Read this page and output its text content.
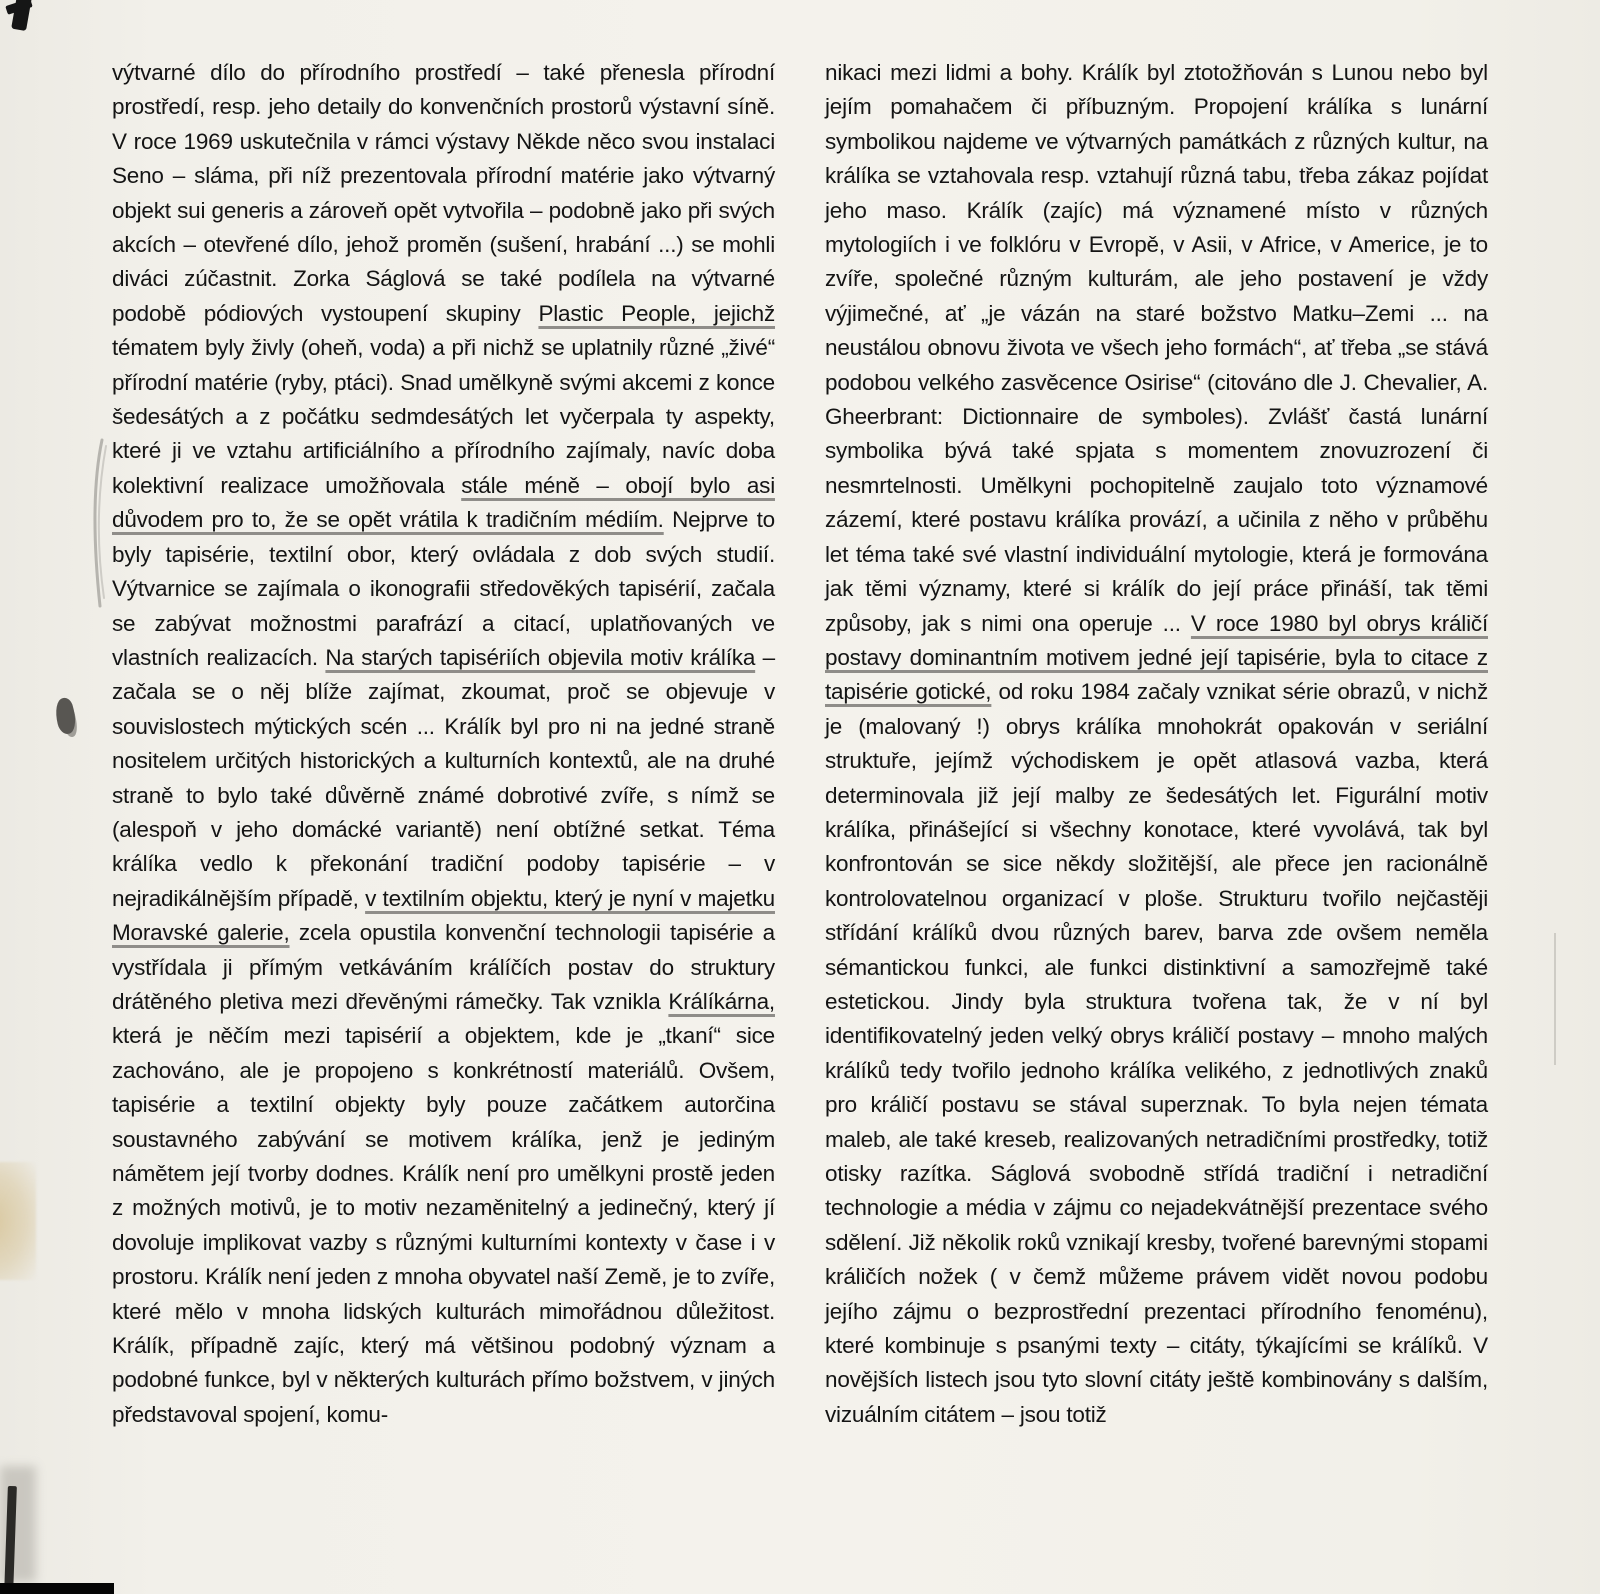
výtvarné dílo do přírodního prostředí – také přenesla přírodní prostředí, resp. jeho detaily do konvenčních prostorů výstavní síně. V roce 1969 uskutečnila v rámci výstavy Někde něco svou instalaci Seno – sláma, při níž prezentovala přírodní matérie jako výtvarný objekt sui generis a zároveň opět vytvořila – podobně jako při svých akcích – otevřené dílo, jehož proměn (sušení, hrabání ...) se mohli diváci zúčastnit. Zorka Ságlová se také podílela na výtvarné podobě pódiových vystoupení skupiny Plastic People, jejichž tématem byly živly (oheň, voda) a při nichž se uplatnily různé „živé“ přírodní matérie (ryby, ptáci). Snad umělkyně svými akcemi z konce šedesátých a z počátku sedmdesátých let vyčerpala ty aspekty, které ji ve vztahu artificiálního a přírodního zajímaly, navíc doba kolektivní realizace umožňovala stále méně – obojí bylo asi důvodem pro to, že se opět vrátila k tradičním médiím. Nejprve to byly tapisérie, textilní obor, který ovládala z dob svých studií. Výtvarnice se zajímala o ikonografii středověkých tapisérií, začala se zabývat možnostmi parafrází a citací, uplatňovaných ve vlastních realizacích. Na starých tapisériích objevila motiv králíka – začala se o něj blíže zajímat, zkoumat, proč se objevuje v souvislostech mýtických scén ... Králík byl pro ni na jedné straně nositelem určitých historických a kulturních kontextů, ale na druhé straně to bylo také důvěrně známé dobrotivé zvíře, s nímž se (alespoň v jeho domácké variantě) není obtížné setkat. Téma králíka vedlo k překonání tradiční podoby tapisérie – v nejradikálnějším případě, v textilním objektu, který je nyní v majetku Moravské galerie, zcela opustila konvenční technologii tapisérie a vystřídala ji přímým vetkáváním králíčích postav do struktury drátěného pletiva mezi dřevěnými rámečky. Tak vznikla Králíkárna, která je něčím mezi tapisérií a objektem, kde je „tkaní“ sice zachováno, ale je propojeno s konkrétností materiálů. Ovšem, tapisérie a textilní objekty byly pouze začátkem autorčina soustavného zabývání se motivem králíka, jenž je jediným námětem její tvorby dodnes. Králík není pro umělkyni prostě jeden z možných motivů, je to motiv nezaměnitelný a jedinečný, který jí dovoluje implikovat vazby s různými kulturními kontexty v čase i v prostoru. Králík není jeden z mnoha obyvatel naší Země, je to zvíře, které mělo v mnoha lidských kulturách mimořádnou důležitost. Králík, případně zajíc, který má většinou podobný význam a podobné funkce, byl v některých kulturách přímo božstvem, v jiných představoval spojení, komu-
nikaci mezi lidmi a bohy. Králík byl ztotožňován s Lunou nebo byl jejím pomahačem či příbuzným. Propojení králíka s lunární symbolikou najdeme ve výtvarných památkách z různých kultur, na králíka se vztahovala resp. vztahují různá tabu, třeba zákaz pojídat jeho maso. Králík (zajíc) má významené místo v různých mytologiích i ve folklóru v Evropě, v Asii, v Africe, v Americe, je to zvíře, společné různým kulturám, ale jeho postavení je vždy výjimečné, ať „je vázán na staré božstvo Matku–Zemi ... na neustálou obnovu života ve všech jeho formách“, ať třeba „se stává podobou velkého zasvěcence Osirise“ (citováno dle J. Chevalier, A. Gheerbrant: Dictionnaire de symboles). Zvlášť častá lunární symbolika bývá také spjata s momentem znovuzrození či nesmrtelnosti. Umělkyni pochopitelně zaujalo toto významové zázemí, které postavu králíka provází, a učinila z něho v průběhu let téma také své vlastní individuální mytologie, která je formována jak těmi významy, které si králík do její práce přináší, tak těmi způsoby, jak s nimi ona operuje ... V roce 1980 byl obrys králičí postavy dominantním motivem jedné její tapisérie, byla to citace z tapisérie gotické, od roku 1984 začaly vznikat série obrazů, v nichž je (malovaný !) obrys králíka mnohokrát opakován v seriální struktuře, jejímž východiskem je opět atlasová vazba, která determinovala již její malby ze šedesátých let. Figurální motiv králíka, přinášející si všechny konotace, které vyvolává, tak byl konfrontován se sice někdy složitější, ale přece jen racionálně kontrolovatelnou organizací v ploše. Strukturu tvořilo nejčastěji střídání králíků dvou různých barev, barva zde ovšem neměla sémantickou funkci, ale funkci distinktivní a samozřejmě také estetickou. Jindy byla struktura tvořena tak, že v ní byl identifikovatelný jeden velký obrys králičí postavy – mnoho malých králíků tedy tvořilo jednoho králíka velikého, z jednotlivých znaků pro králičí postavu se stával superznak. To byla nejen témata maleb, ale také kreseb, realizovaných netradičními prostředky, totiž otisky razítka. Ságlová svobodně střídá tradiční i netradiční technologie a média v zájmu co nejadekvátnější prezentace svého sdělení. Již několik roků vznikají kresby, tvořené barevnými stopami králičích nožek ( v čemž můžeme právem vidět novou podobu jejího zájmu o bezprostřední prezentaci přírodního fenoménu), které kombinuje s psanými texty – citáty, týkajícími se králíků. V novějších listech jsou tyto slovní citáty ještě kombinovány s dalším, vizuálním citátem – jsou totiž
